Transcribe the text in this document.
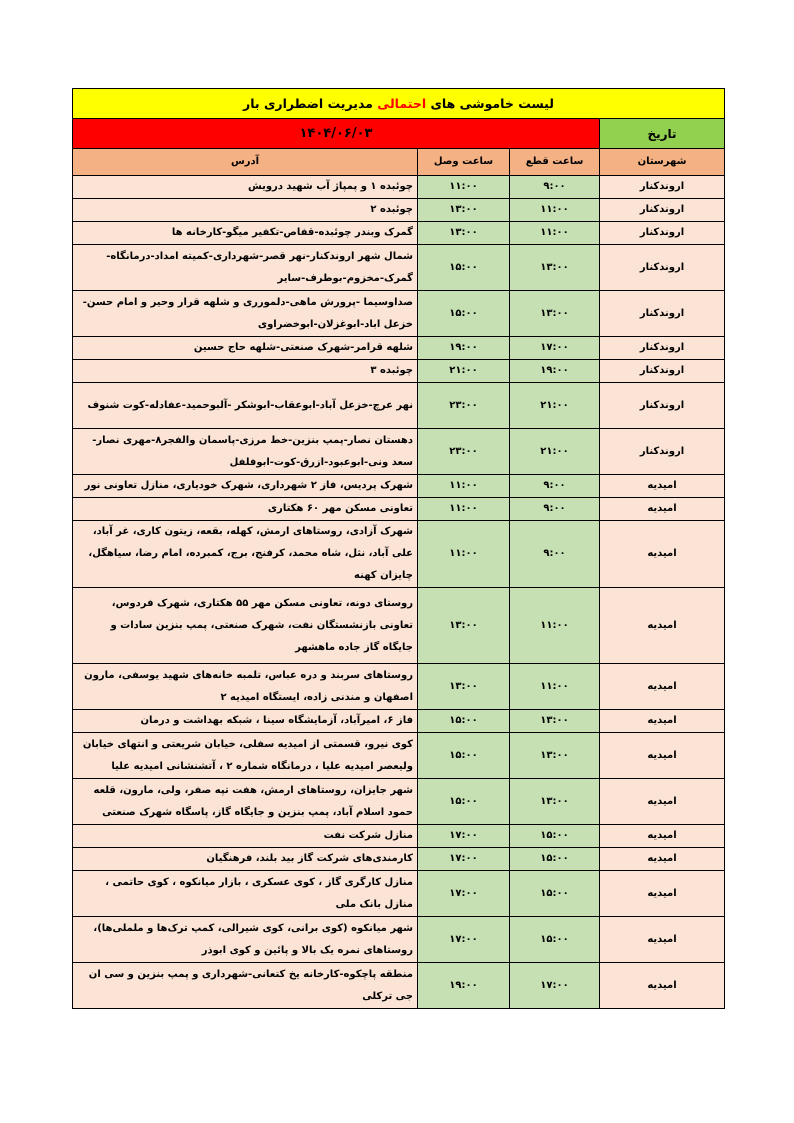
لیست خاموشی های احتمالی مدیریت اضطراری بار			
تاریخ	۱۴۰۴/۰۶/۰۳		
شهرستان	ساعت قطع	ساعت وصل	آدرس
اروندکنار	۹:۰۰	۱۱:۰۰	چوئبده ۱ و پمپاژ آب شهید درویش
اروندکنار	۱۱:۰۰	۱۳:۰۰	چوئبده ۲
اروندکنار	۱۱:۰۰	۱۳:۰۰	گمرک وبندر چوئبده-قفاص-تکفیر میگو-کارخانه ها
اروندکنار	۱۳:۰۰	۱۵:۰۰	شمال شهر اروندکنار-نهر قصر-شهرداری-کمیته امداد-درمانگاه-گمرک-مخزوم-بوطرف-سایر
اروندکنار	۱۳:۰۰	۱۵:۰۰	صداوسیما -پرورش ماهی-دلمورری و شلهه قرار وحیر و امام حسن-خزعل اباد-ابوغزلان-ابوخضراوی
اروندکنار	۱۷:۰۰	۱۹:۰۰	شلهه قرامر-شهرک صنعتی-شلهه حاج حسین
اروندکنار	۱۹:۰۰	۲۱:۰۰	چوئبده ۳
اروندکنار	۲۱:۰۰	۲۳:۰۰	نهر عرچ-خزعل آباد-ابوعقاب-ابوشکر -آلبوحمید-عفادله-کوت شنوف
اروندکنار	۲۱:۰۰	۲۳:۰۰	دهستان نصار-پمپ بنزین-خط مرزی-پاسمان والفجر۸-مهری نصار-سعد ونی-ابوعبود-ازرق-کوت-ابوفلفل
امیدیه	۹:۰۰	۱۱:۰۰	شهرک پردیس، فاز ۲ شهرداری، شهرک خودیاری، منازل تعاونی نور
امیدیه	۹:۰۰	۱۱:۰۰	تعاونی مسکن مهر ۶۰ هکتاری
امیدیه	۹:۰۰	۱۱:۰۰	شهرک آزادی، روستاهای ارمش، کهله، بقعه، زیتون کاری، غر آباد، علی آباد، نثل، شاه محمد، کرفنج، برج، کمبرده، امام رضا، سیاهگل، چایزان کهنه
امیدیه	۱۱:۰۰	۱۳:۰۰	روستای دونه، تعاونی مسکن مهر ۵۵ هکتاری، شهرک فردوس، تعاونی بازنشستگان نفت، شهرک صنعتی، پمپ بنزین سادات و جایگاه گاز جاده ماهشهر
امیدیه	۱۱:۰۰	۱۳:۰۰	روستاهای سربند و دره عباس، تلمبه خانه‌های شهید یوسفی، مارون اصفهان و مندنی زاده، ایستگاه امیدیه ۲
امیدیه	۱۳:۰۰	۱۵:۰۰	فاز ۶، امیرآباد، آزمایشگاه سینا ، شبکه بهداشت و درمان
امیدیه	۱۳:۰۰	۱۵:۰۰	کوی نیرو، قسمتی از امیدیه سفلی، خیابان شریعتی و انتهای خیابان ولیعصر امیدیه علیا ، درمانگاه شماره ۲ ، آتشنشانی امیدیه علیا
امیدیه	۱۳:۰۰	۱۵:۰۰	شهر جایزان، روستاهای ارمش، هفت تپه صفر، ولی، مارون، قلعه حمود اسلام آباد، پمپ بنزین و جایگاه گاز، پاسگاه شهرک صنعتی
امیدیه	۱۵:۰۰	۱۷:۰۰	منازل شرکت نفت
امیدیه	۱۵:۰۰	۱۷:۰۰	کارمندی‌های شرکت گاز بید بلند، فرهنگیان
امیدیه	۱۵:۰۰	۱۷:۰۰	منازل کارگری گاز ، کوی عسکری ، بازار میانکوه ، کوی حاتمی ، منازل بانک ملی
امیدیه	۱۵:۰۰	۱۷:۰۰	شهر میانکوه (کوی برانی، کوی شیرالی، کمپ ترک‌ها و ململی‌ها)، روستاهای نمره یک بالا و پائین و کوی ابوذر
امیدیه	۱۷:۰۰	۱۹:۰۰	منطقه پاچکوه-کارخانه یخ کتعانی-شهرداری و پمپ بنزین و سی ان جی ترکلی
